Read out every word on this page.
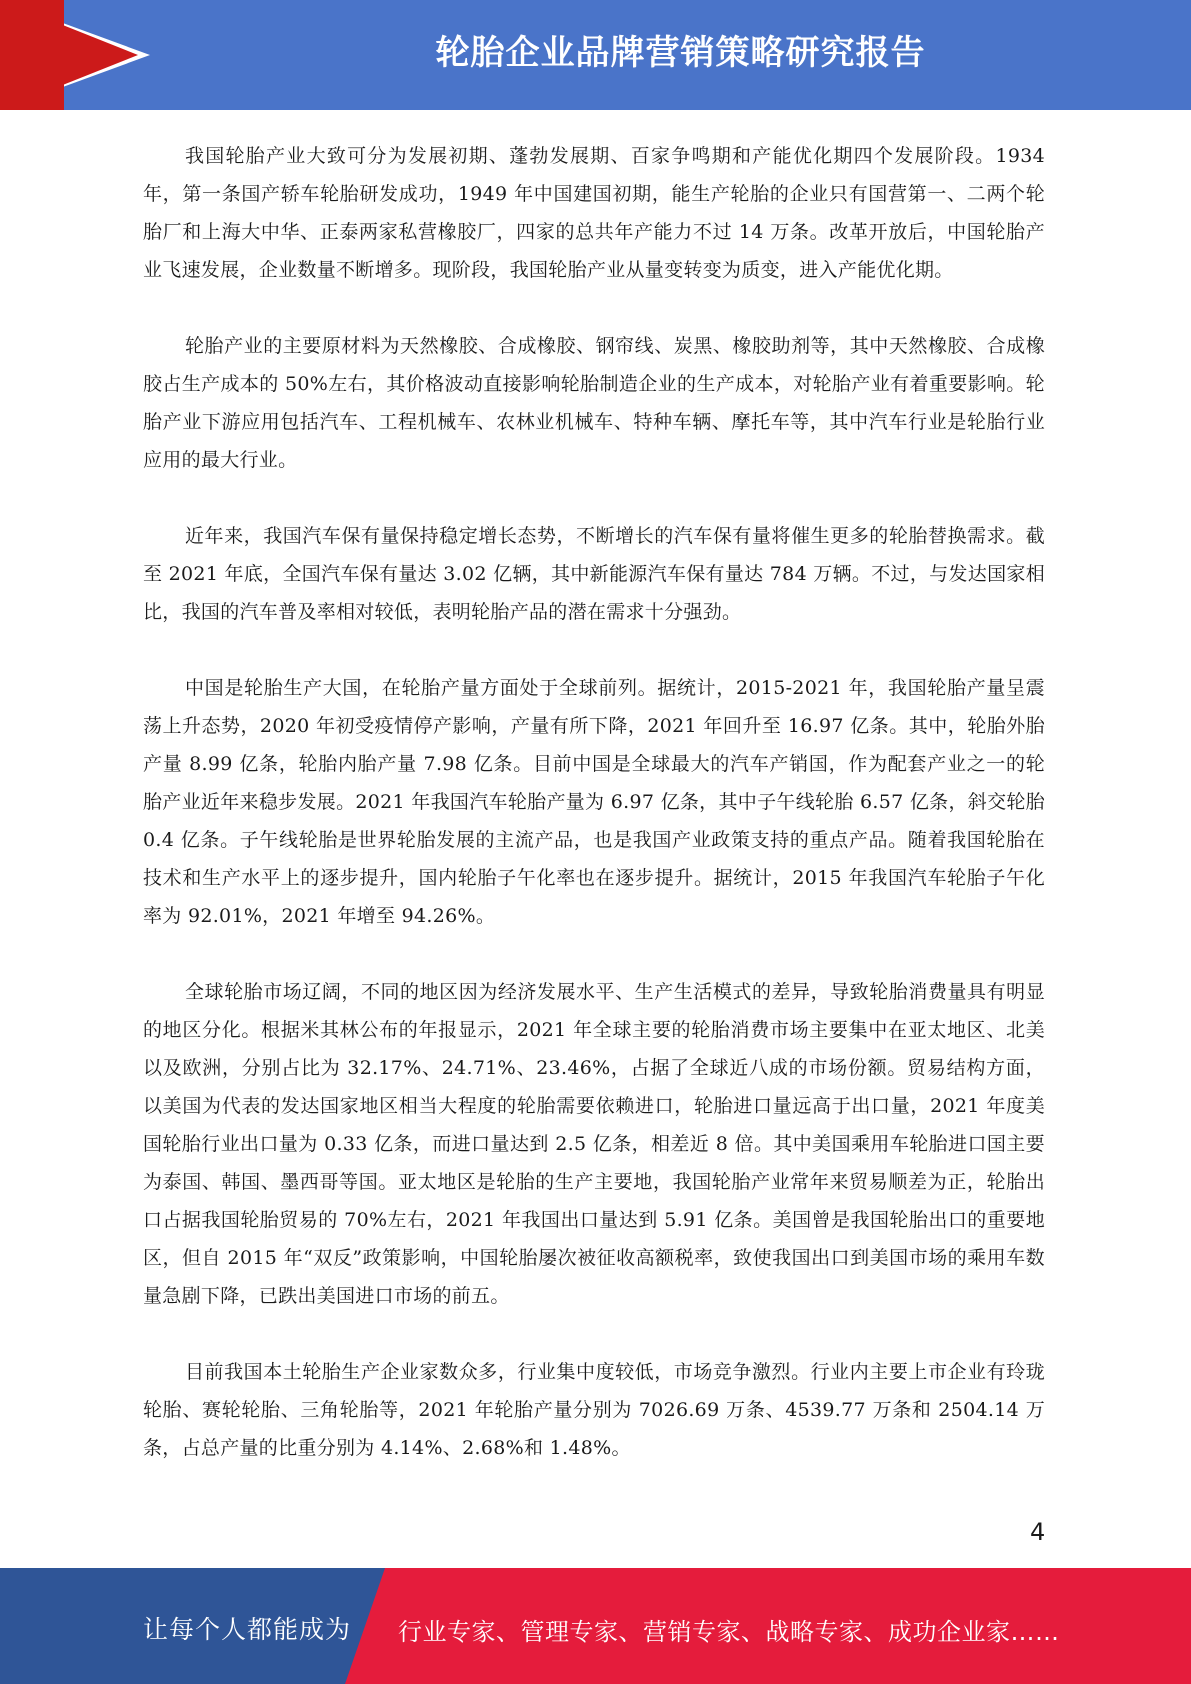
轮胎企业品牌营销策略研究报告

我国轮胎产业大致可分为发展初期、蓬勃发展期、百家争鸣期和产能优化期四个发展阶段。1934 年，第一条国产轿车轮胎研发成功，1949 年中国建国初期，能生产轮胎的企业只有国营第一、二两个轮胎厂和上海大中华、正泰两家私营橡胶厂，四家的总共年产能力不过 14 万条。改革开放后，中国轮胎产业飞速发展，企业数量不断增多。现阶段，我国轮胎产业从量变转变为质变，进入产能优化期。

轮胎产业的主要原材料为天然橡胶、合成橡胶、钢帘线、炭黑、橡胶助剂等，其中天然橡胶、合成橡胶占生产成本的 50%左右，其价格波动直接影响轮胎制造企业的生产成本，对轮胎产业有着重要影响。轮胎产业下游应用包括汽车、工程机械车、农林业机械车、特种车辆、摩托车等，其中汽车行业是轮胎行业应用的最大行业。

近年来，我国汽车保有量保持稳定增长态势，不断增长的汽车保有量将催生更多的轮胎替换需求。截至 2021 年底，全国汽车保有量达 3.02 亿辆，其中新能源汽车保有量达 784 万辆。不过，与发达国家相比，我国的汽车普及率相对较低，表明轮胎产品的潜在需求十分强劲。

中国是轮胎生产大国，在轮胎产量方面处于全球前列。据统计，2015-2021 年，我国轮胎产量呈震荡上升态势，2020 年初受疫情停产影响，产量有所下降，2021 年回升至 16.97 亿条。其中，轮胎外胎产量 8.99 亿条，轮胎内胎产量 7.98 亿条。目前中国是全球最大的汽车产销国，作为配套产业之一的轮胎产业近年来稳步发展。2021 年我国汽车轮胎产量为 6.97 亿条，其中子午线轮胎 6.57 亿条，斜交轮胎 0.4 亿条。子午线轮胎是世界轮胎发展的主流产品，也是我国产业政策支持的重点产品。随着我国轮胎在技术和生产水平上的逐步提升，国内轮胎子午化率也在逐步提升。据统计，2015 年我国汽车轮胎子午化率为 92.01%，2021 年增至 94.26%。

全球轮胎市场辽阔，不同的地区因为经济发展水平、生产生活模式的差异，导致轮胎消费量具有明显的地区分化。根据米其林公布的年报显示，2021 年全球主要的轮胎消费市场主要集中在亚太地区、北美以及欧洲，分别占比为 32.17%、24.71%、23.46%，占据了全球近八成的市场份额。贸易结构方面，以美国为代表的发达国家地区相当大程度的轮胎需要依赖进口，轮胎进口量远高于出口量，2021 年度美国轮胎行业出口量为 0.33 亿条，而进口量达到 2.5 亿条，相差近 8 倍。其中美国乘用车轮胎进口国主要为泰国、韩国、墨西哥等国。亚太地区是轮胎的生产主要地，我国轮胎产业常年来贸易顺差为正，轮胎出口占据我国轮胎贸易的 70%左右，2021 年我国出口量达到 5.91 亿条。美国曾是我国轮胎出口的重要地区，但自 2015 年“双反”政策影响，中国轮胎屡次被征收高额税率，致使我国出口到美国市场的乘用车数量急剧下降，已跌出美国进口市场的前五。

目前我国本土轮胎生产企业家数众多，行业集中度较低，市场竞争激烈。行业内主要上市企业有玲珑轮胎、赛轮轮胎、三角轮胎等，2021 年轮胎产量分别为 7026.69 万条、4539.77 万条和 2504.14 万条，占总产量的比重分别为 4.14%、2.68%和 1.48%。

4
让每个人都能成为 行业专家、管理专家、营销专家、战略专家、成功企业家……
